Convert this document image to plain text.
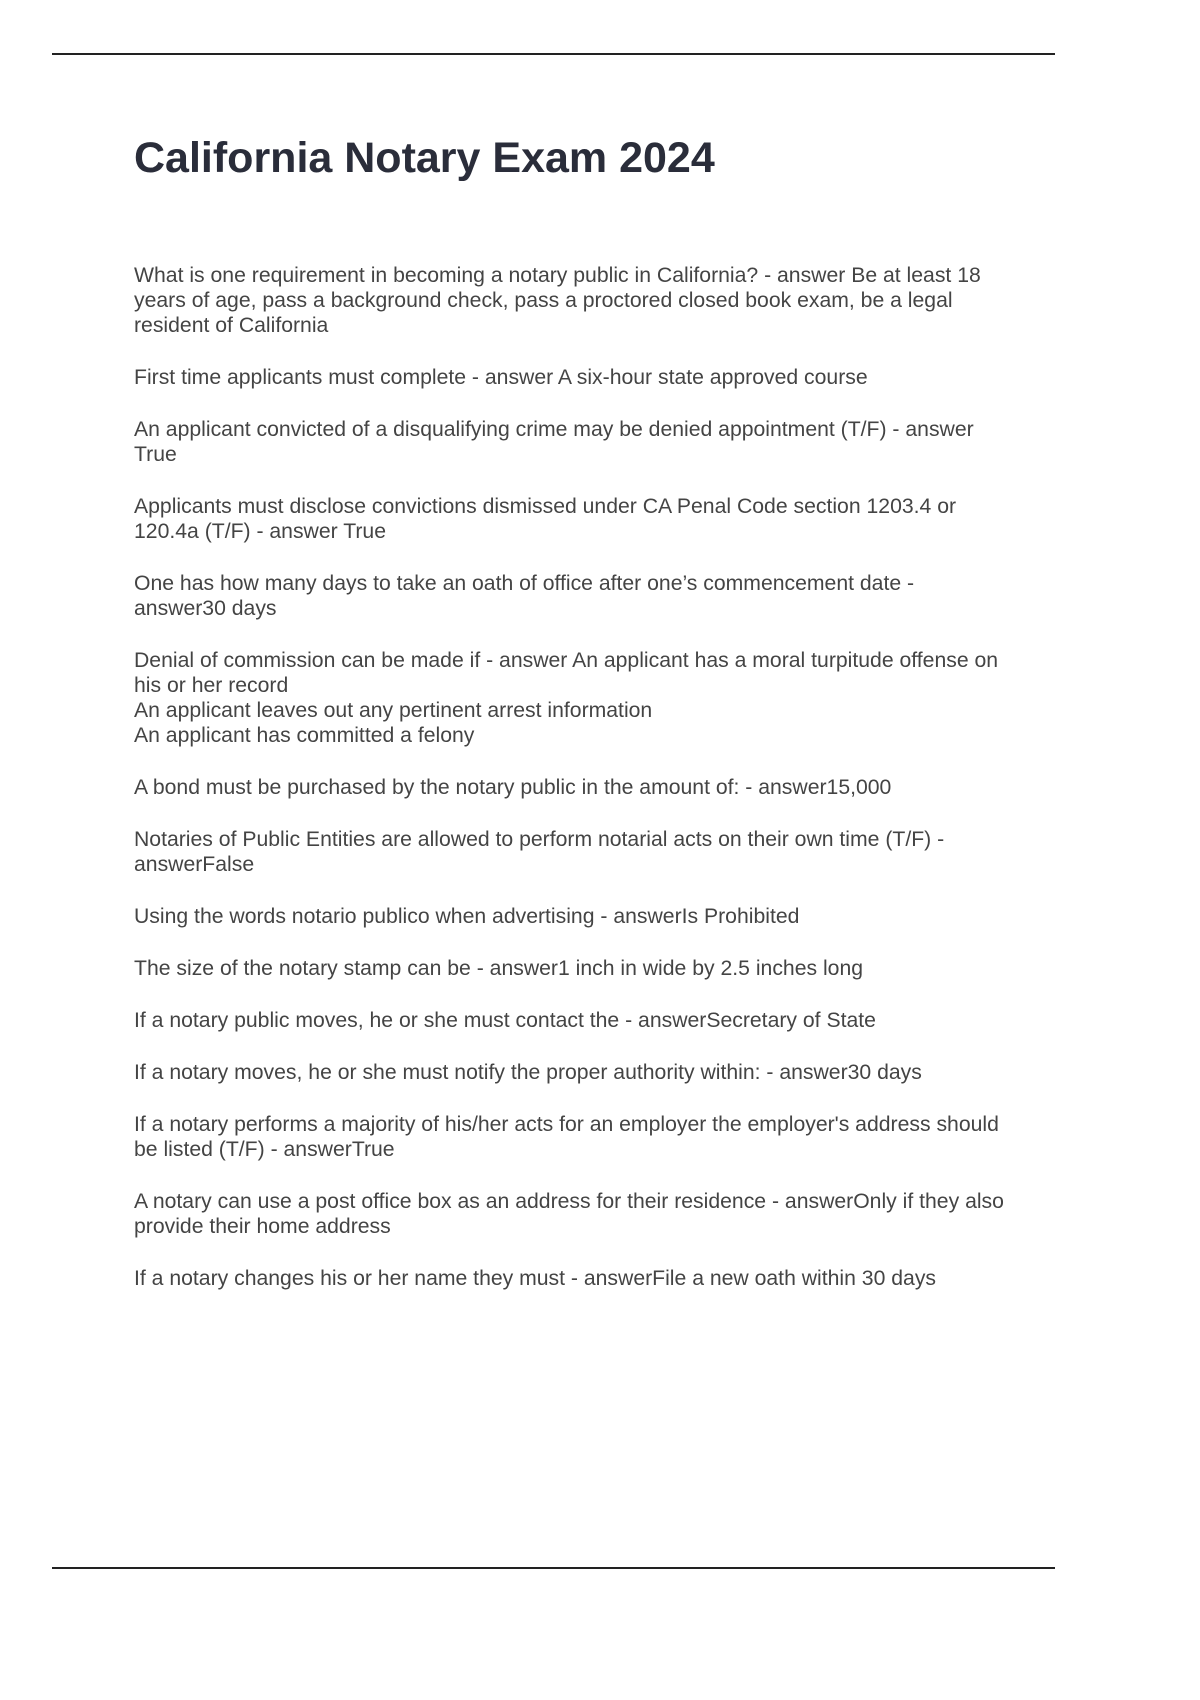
California Notary Exam 2024

What is one requirement in becoming a notary public in California? - answer Be at least 18 years of age, pass a background check, pass a proctored closed book exam, be a legal resident of California

First time applicants must complete - answer A six-hour state approved course

An applicant convicted of a disqualifying crime may be denied appointment (T/F) - answer True

Applicants must disclose convictions dismissed under CA Penal Code section 1203.4 or 120.4a (T/F) - answer True

One has how many days to take an oath of office after one’s commencement date - answer30 days

Denial of commission can be made if - answer An applicant has a moral turpitude offense on his or her record
An applicant leaves out any pertinent arrest information
An applicant has committed a felony

A bond must be purchased by the notary public in the amount of: - answer15,000

Notaries of Public Entities are allowed to perform notarial acts on their own time (T/F) - answerFalse

Using the words notario publico when advertising - answerIs Prohibited

The size of the notary stamp can be - answer1 inch in wide by 2.5 inches long

If a notary public moves, he or she must contact the - answerSecretary of State

If a notary moves, he or she must notify the proper authority within: - answer30 days

If a notary performs a majority of his/her acts for an employer the employer's address should be listed (T/F) - answerTrue

A notary can use a post office box as an address for their residence - answerOnly if they also provide their home address

If a notary changes his or her name they must - answerFile a new oath within 30 days
